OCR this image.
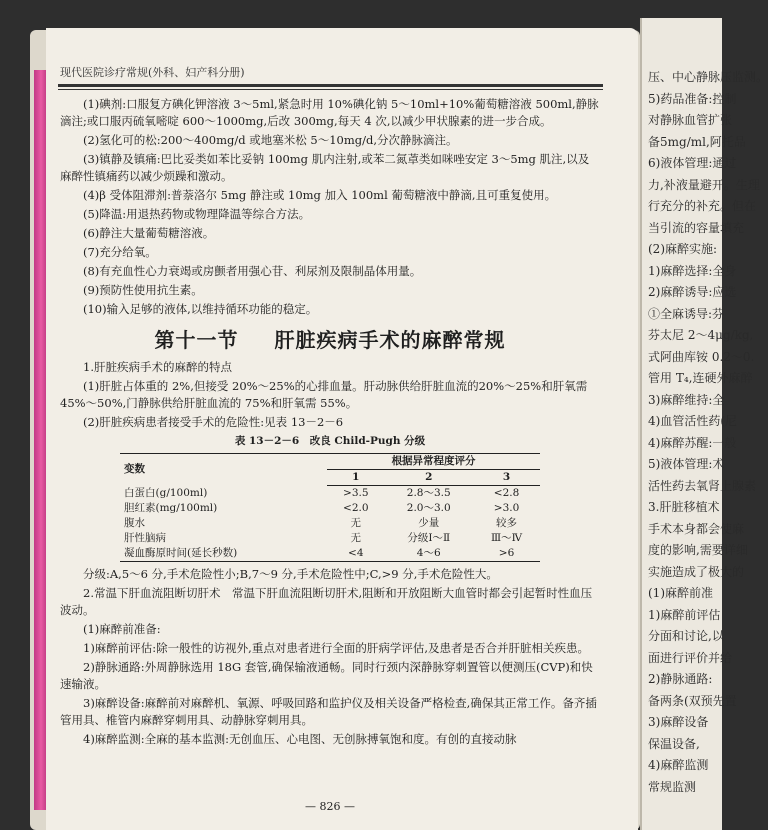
压、中心静脉压监测。
5)药品准备:控制
对静脉血管扩张
备5mg/ml,阿托品
6)液体管理:通过
力,补液量避开。生理
行充分的补充。但在
当引流的容量填充
(2)麻醉实施:
1)麻醉选择:全身
2)麻醉诱导:应选
①全麻诱导:芬
芬太尼 2～4μg/kg,
式阿曲库铵 0.2～0.
管用 T₄,连硬外麻醉
3)麻醉维持:全
4)血管活性药(尼
4)麻醉苏醒:一般
5)液体管理:术
活性药去氧肾上腺素
3.肝脏移植术
手术本身都会使麻
度的影响,需要详细
实施造成了极大的
(1)麻醉前准
1)麻醉前评估
分面和讨论,以
面进行评价并给
2)静脉通路:
备两条(双预先置
3)麻醉设备
保温设备,
4)麻醉监测
常规监测
现代医院诊疗常规(外科、妇产科分册)

(1)碘剂:口服复方碘化钾溶液 3～5ml,紧急时用 10%碘化钠 5～10ml+10%葡萄糖溶液 500ml,静脉滴注;或口服丙硫氧嘧啶 600～1000mg,后改 300mg,每天 4 次,以减少甲状腺素的进一步合成。

(2)氢化可的松:200～400mg/d 或地塞米松 5～10mg/d,分次静脉滴注。

(3)镇静及镇痛:巴比妥类如苯比妥钠 100mg 肌内注射,或苯二氮䓬类如咪唑安定 3～5mg 肌注,以及麻醉性镇痛药以减少烦躁和激动。

(4)β 受体阻滞剂:普萘洛尔 5mg 静注或 10mg 加入 100ml 葡萄糖液中静滴,且可重复使用。

(5)降温:用退热药物或物理降温等综合方法。

(6)静注大量葡萄糖溶液。

(7)充分给氧。

(8)有充血性心力衰竭或房颤者用强心苷、利尿剂及限制晶体用量。

(9)预防性使用抗生素。

(10)输入足够的液体,以维持循环功能的稳定。

第十一节 肝脏疾病手术的麻醉常规

1.肝脏疾病手术的麻醉的特点

(1)肝脏占体重的 2%,但接受 20%～25%的心排血量。肝动脉供给肝脏血流的20%～25%和肝氧需 45%～50%,门静脉供给肝脏血流的 75%和肝氧需 55%。

(2)肝脏疾病患者接受手术的危险性:见表 13－2－6

表 13－2－6　改良 Child-Pugh 分级
变数	根据异常程度评分		
	1	2	3
白蛋白(g/100ml)	>3.5	2.8～3.5	<2.8
胆红素(mg/100ml)	<2.0	2.0～3.0	>3.0
腹水	无	少量	较多
肝性脑病	无	分级Ⅰ～Ⅱ	Ⅲ～Ⅳ
凝血酶原时间(延长秒数)	<4	4～6	>6

分级:A,5～6 分,手术危险性小;B,7～9 分,手术危险性中;C,>9 分,手术危险性大。

2.常温下肝血流阻断切肝术　常温下肝血流阻断切肝术,阻断和开放阻断大血管时都会引起暂时性血压波动。

(1)麻醉前准备:

1)麻醉前评估:除一般性的访视外,重点对患者进行全面的肝病学评估,及患者是否合并肝脏相关疾患。

2)静脉通路:外周静脉选用 18G 套管,确保输液通畅。同时行颈内深静脉穿刺置管以便测压(CVP)和快速输液。

3)麻醉设备:麻醉前对麻醉机、氧源、呼吸回路和监护仪及相关设备严格检查,确保其正常工作。备齐插管用具、椎管内麻醉穿刺用具、动静脉穿刺用具。

4)麻醉监测:全麻的基本监测:无创血压、心电图、无创脉搏氧饱和度。有创的直接动脉

— 826 —
